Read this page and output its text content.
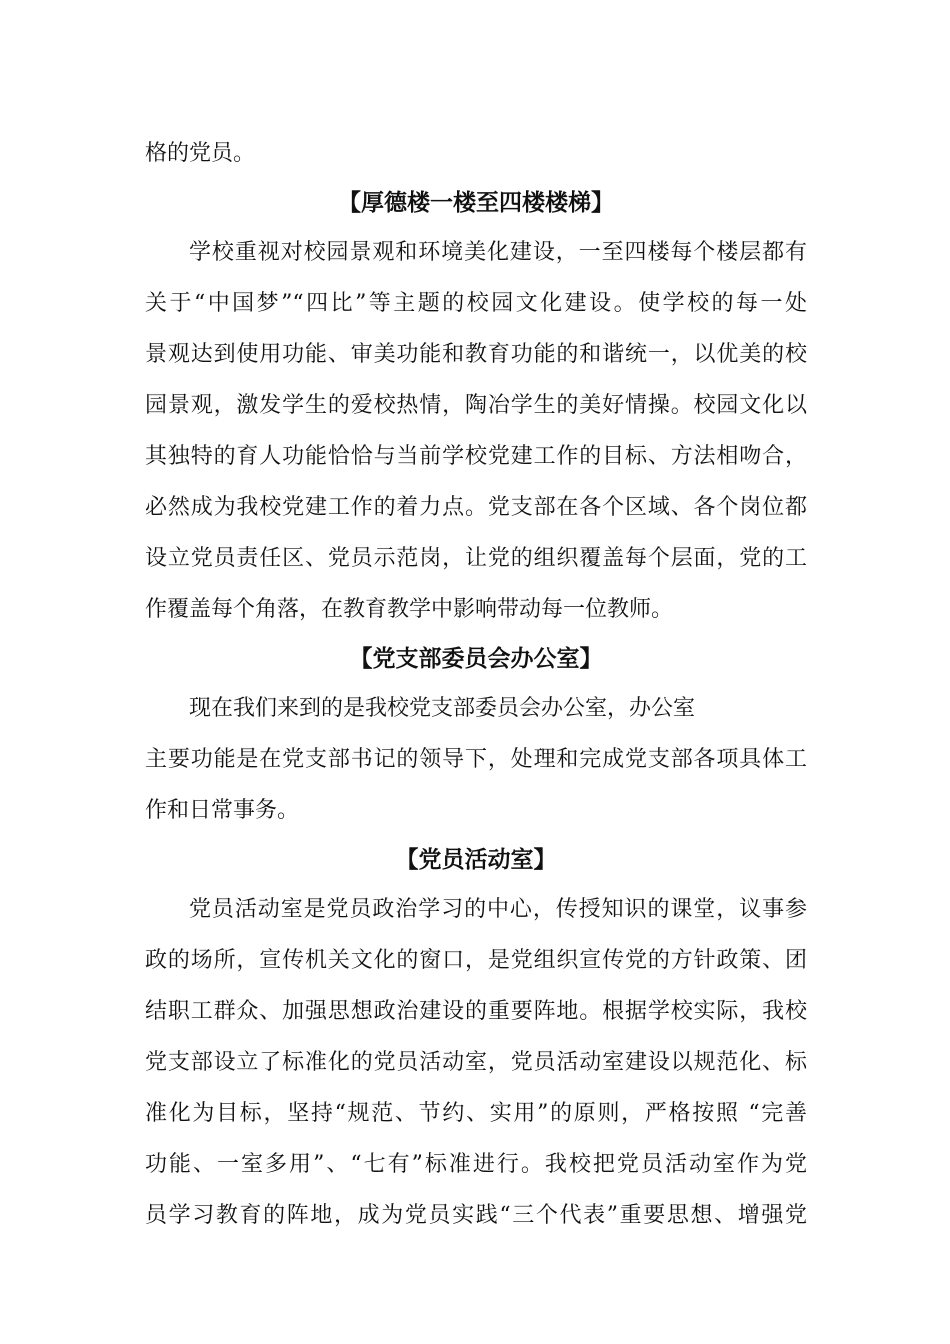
格的党员。
【厚德楼一楼至四楼楼梯】
学校重视对校园景观和环境美化建设，一至四楼每个楼层都有
关于“中国梦”“四比”等主题的校园文化建设。使学校的每一处
景观达到使用功能、审美功能和教育功能的和谐统一，以优美的校
园景观，激发学生的爱校热情，陶冶学生的美好情操。校园文化以
其独特的育人功能恰恰与当前学校党建工作的目标、方法相吻合，
必然成为我校党建工作的着力点。党支部在各个区域、各个岗位都
设立党员责任区、党员示范岗，让党的组织覆盖每个层面，党的工
作覆盖每个角落，在教育教学中影响带动每一位教师。
【党支部委员会办公室】
现在我们来到的是我校党支部委员会办公室，办公室
主要功能是在党支部书记的领导下，处理和完成党支部各项具体工
作和日常事务。
【党员活动室】
党员活动室是党员政治学习的中心，传授知识的课堂，议事参
政的场所，宣传机关文化的窗口，是党组织宣传党的方针政策、团
结职工群众、加强思想政治建设的重要阵地。根据学校实际，我校
党支部设立了标准化的党员活动室，党员活动室建设以规范化、标
准化为目标，坚持“规范、节约、实用”的原则，严格按照 “完善
功能、一室多用”、“七有”标准进行。我校把党员活动室作为党
员学习教育的阵地，成为党员实践“三个代表”重要思想、增强党
